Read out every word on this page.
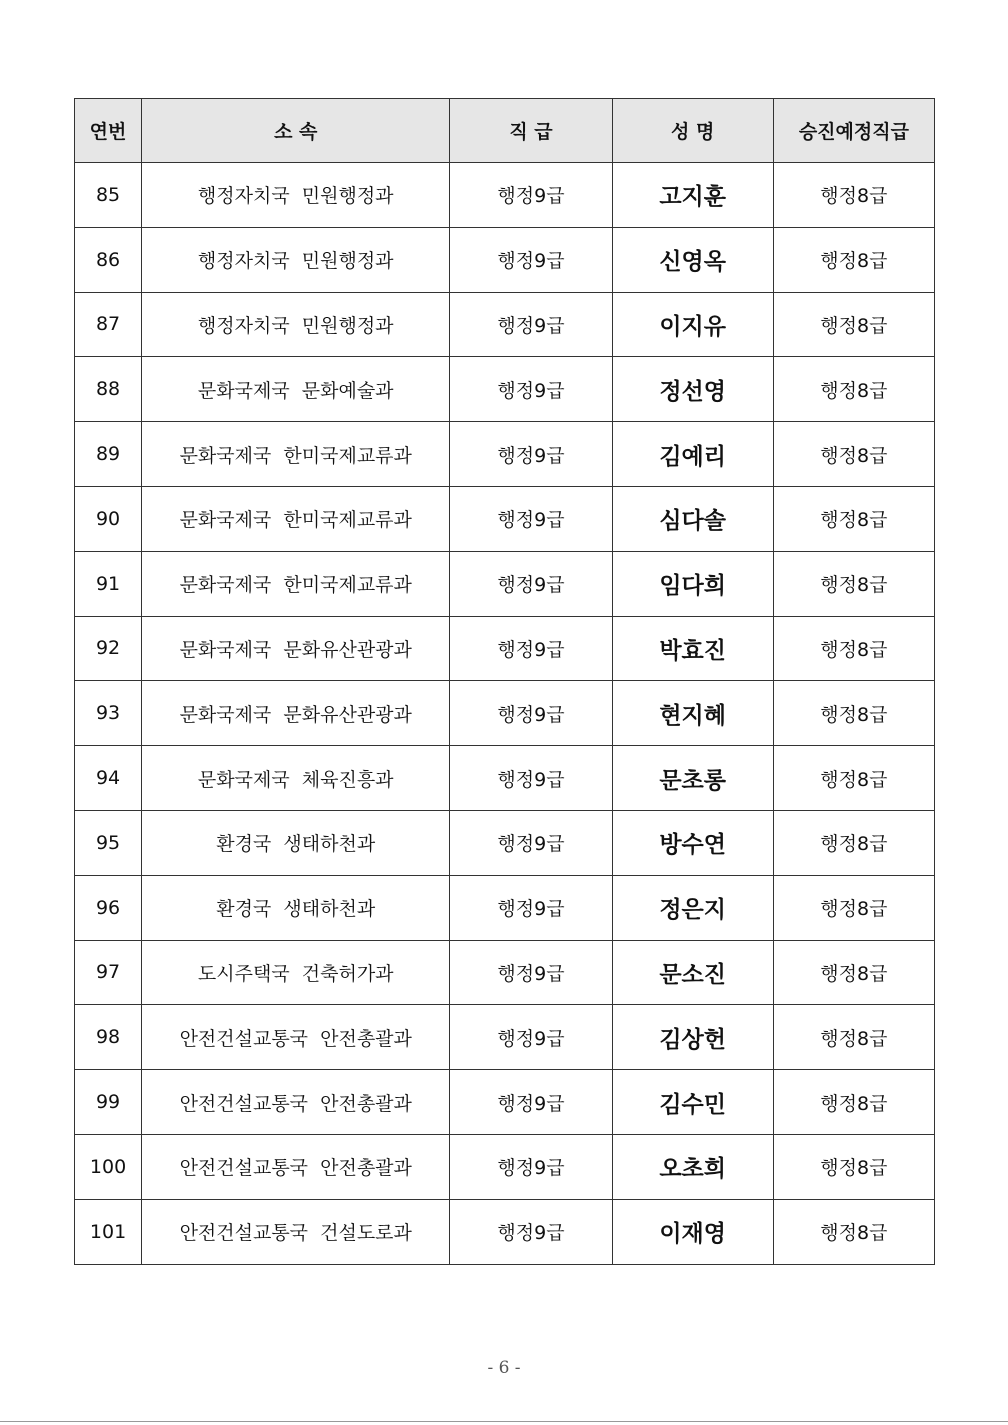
연번	소 속	직 급	성 명	승진예정직급
85	행정자치국  민원행정과	행정9급	고지훈	행정8급
86	행정자치국  민원행정과	행정9급	신영옥	행정8급
87	행정자치국  민원행정과	행정9급	이지유	행정8급
88	문화국제국  문화예술과	행정9급	정선영	행정8급
89	문화국제국  한미국제교류과	행정9급	김예리	행정8급
90	문화국제국  한미국제교류과	행정9급	심다솔	행정8급
91	문화국제국  한미국제교류과	행정9급	임다희	행정8급
92	문화국제국  문화유산관광과	행정9급	박효진	행정8급
93	문화국제국  문화유산관광과	행정9급	현지혜	행정8급
94	문화국제국  체육진흥과	행정9급	문초롱	행정8급
95	환경국  생태하천과	행정9급	방수연	행정8급
96	환경국  생태하천과	행정9급	정은지	행정8급
97	도시주택국  건축허가과	행정9급	문소진	행정8급
98	안전건설교통국  안전총괄과	행정9급	김상헌	행정8급
99	안전건설교통국  안전총괄과	행정9급	김수민	행정8급
100	안전건설교통국  안전총괄과	행정9급	오초희	행정8급
101	안전건설교통국  건설도로과	행정9급	이재영	행정8급
- 6 -
